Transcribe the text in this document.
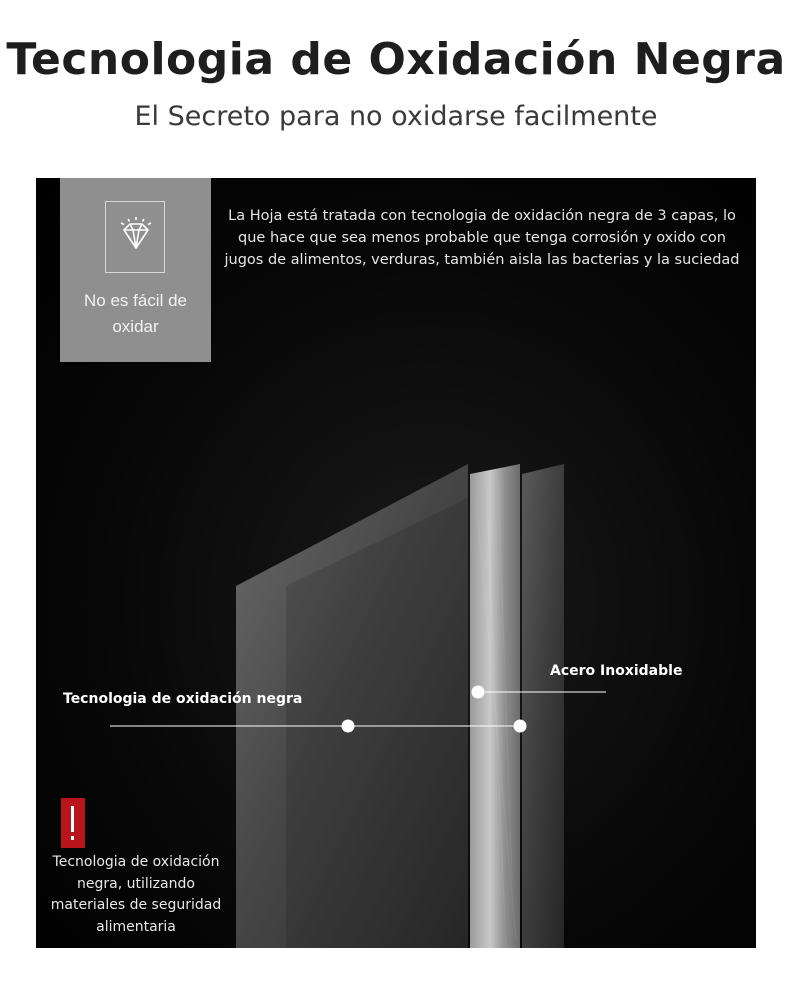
Tecnologia de Oxidación Negra
El Secreto para no oxidarse facilmente
No es fácil de oxidar
La Hoja está tratada con tecnologia de oxidación negra de 3 capas, lo que hace que sea menos probable que tenga corrosión y oxido con jugos de alimentos, verduras, también aisla las bacterias y la suciedad
Acero Inoxidable
Tecnologia de oxidación negra
Tecnologia de oxidación negra, utilizando materiales de seguridad alimentaria
